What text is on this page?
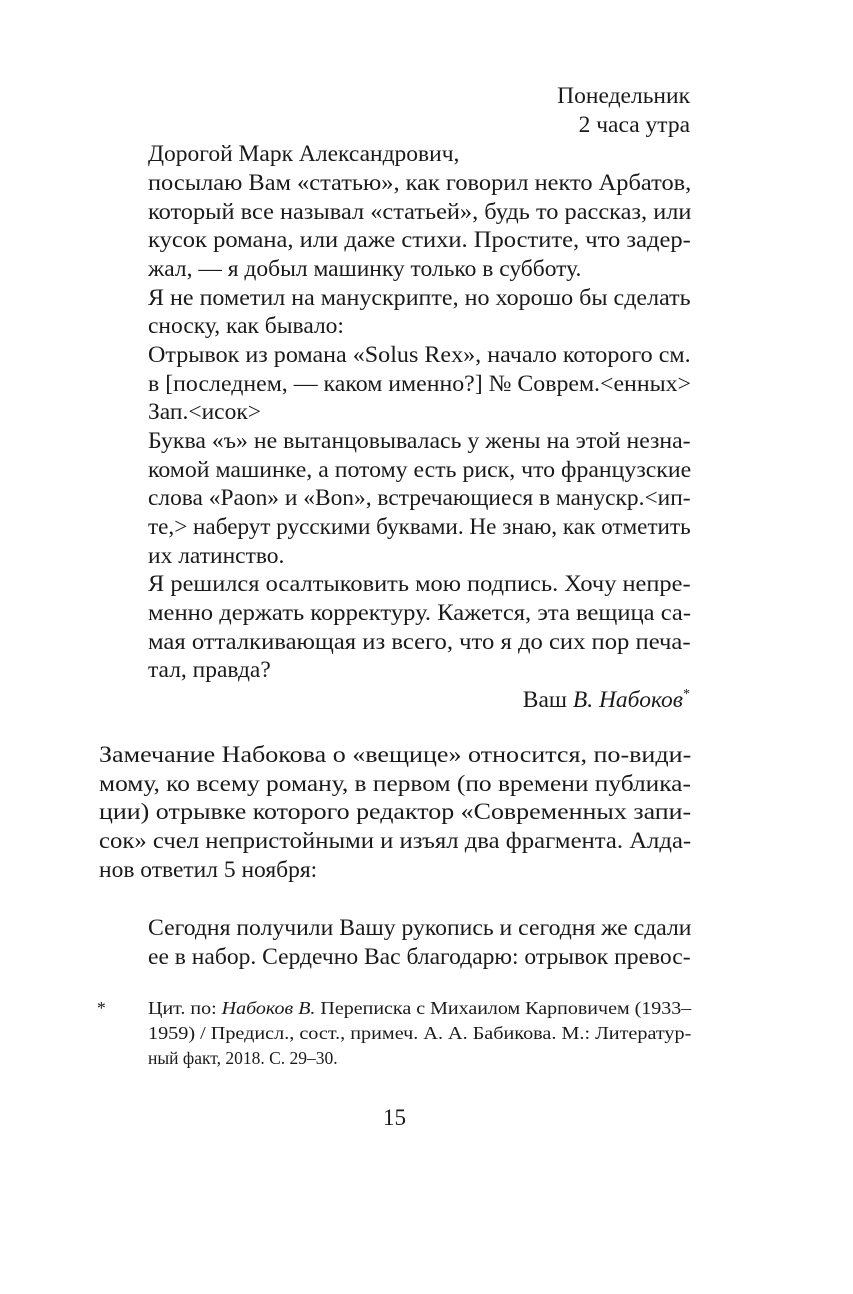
Понедельник
2 часа утра
Дорогой Марк Александрович,
посылаю Вам «статью», как говорил некто Арбатов,
который все называл «статьей», будь то рассказ, или
кусок романа, или даже стихи. Простите, что задер-
жал, — я добыл машинку только в субботу.
Я не пометил на манускрипте, но хорошо бы сделать
сноску, как бывало:
Отрывок из романа «Solus Rex», начало которого см.
в [последнем, — каком именно?] № Соврем.<енных>
Зап.<исок>
Буква «ъ» не вытанцовывалась у жены на этой незна-
комой машинке, а потому есть риск, что французские
слова «Paon» и «Bon», встречающиеся в манускр.<ип-
те,> наберут русскими буквами. Не знаю, как отметить
их латинство.
Я решился осалтыковить мою подпись. Хочу непре-
менно держать корректуру. Кажется, эта вещица са-
мая отталкивающая из всего, что я до сих пор печа-
тал, правда?
Ваш В. Набоков*
Замечание Набокова о «вещице» относится, по-види-
мому, ко всему роману, в первом (по времени публика-
ции) отрывке которого редактор «Современных запи-
сок» счел непристойными и изъял два фрагмента. Алда-
нов ответил 5 ноября:
Сегодня получили Вашу рукопись и сегодня же сдали
ее в набор. Сердечно Вас благодарю: отрывок превос-
* Цит. по: Набоков В. Переписка с Михаилом Карповичем (1933–
1959) / Предисл., сост., примеч. А. А. Бабикова. М.: Литератур-
ный факт, 2018. С. 29–30.
15
